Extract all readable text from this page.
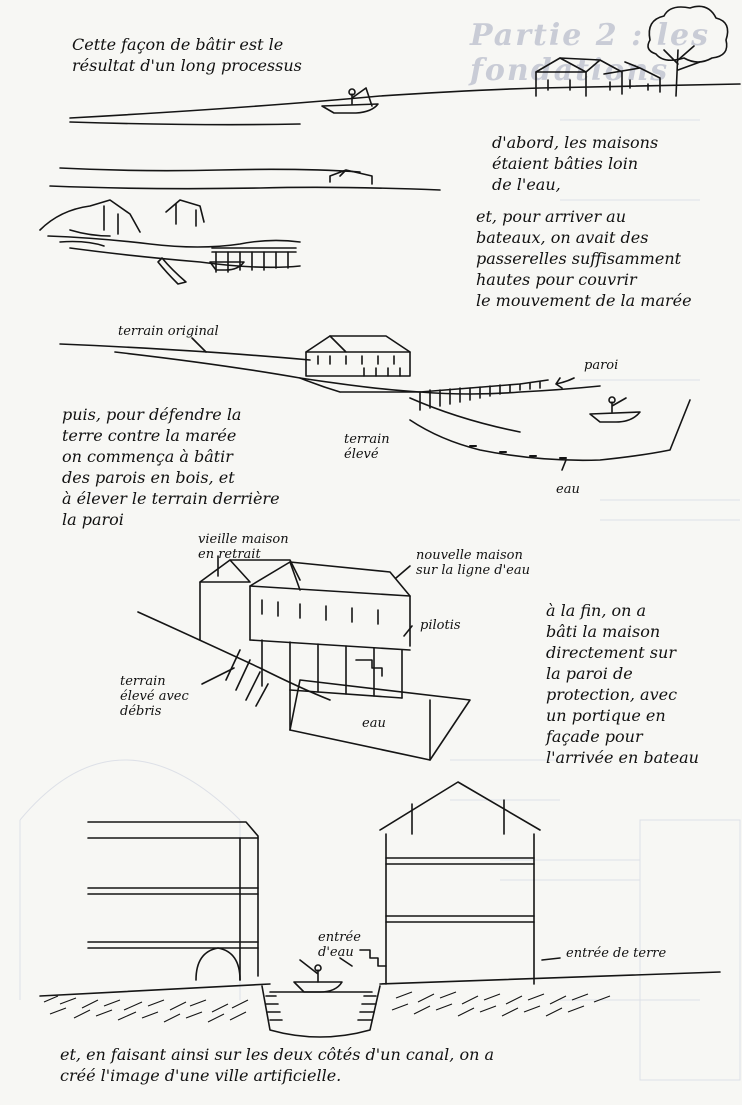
Partie 2 : les fondations
Cette façon de bâtir est le
résultat d'un long processus
d'abord, les maisons
étaient bâties loin
de l'eau,
et, pour arriver au
bateaux, on avait des
passerelles suffisamment
hautes pour couvrir
le mouvement de la marée
puis, pour défendre la
terre contre la marée
on commença à bâtir
des parois en bois, et
à élever le terrain derrière
la paroi
à la fin, on a
bâti la maison
directement sur
la paroi de
protection, avec
un portique en
façade pour
l'arrivée en bateau
et, en faisant ainsi sur les deux côtés d'un canal, on a
créé l'image d'une ville artificielle.
terrain original
paroi
terrain
élevé
eau
vieille maison
en retrait	nouvelle maison
sur la ligne d'eau
pilotis
terrain
élevé avec
débris
eau
entrée
d'eau	entrée de terre
